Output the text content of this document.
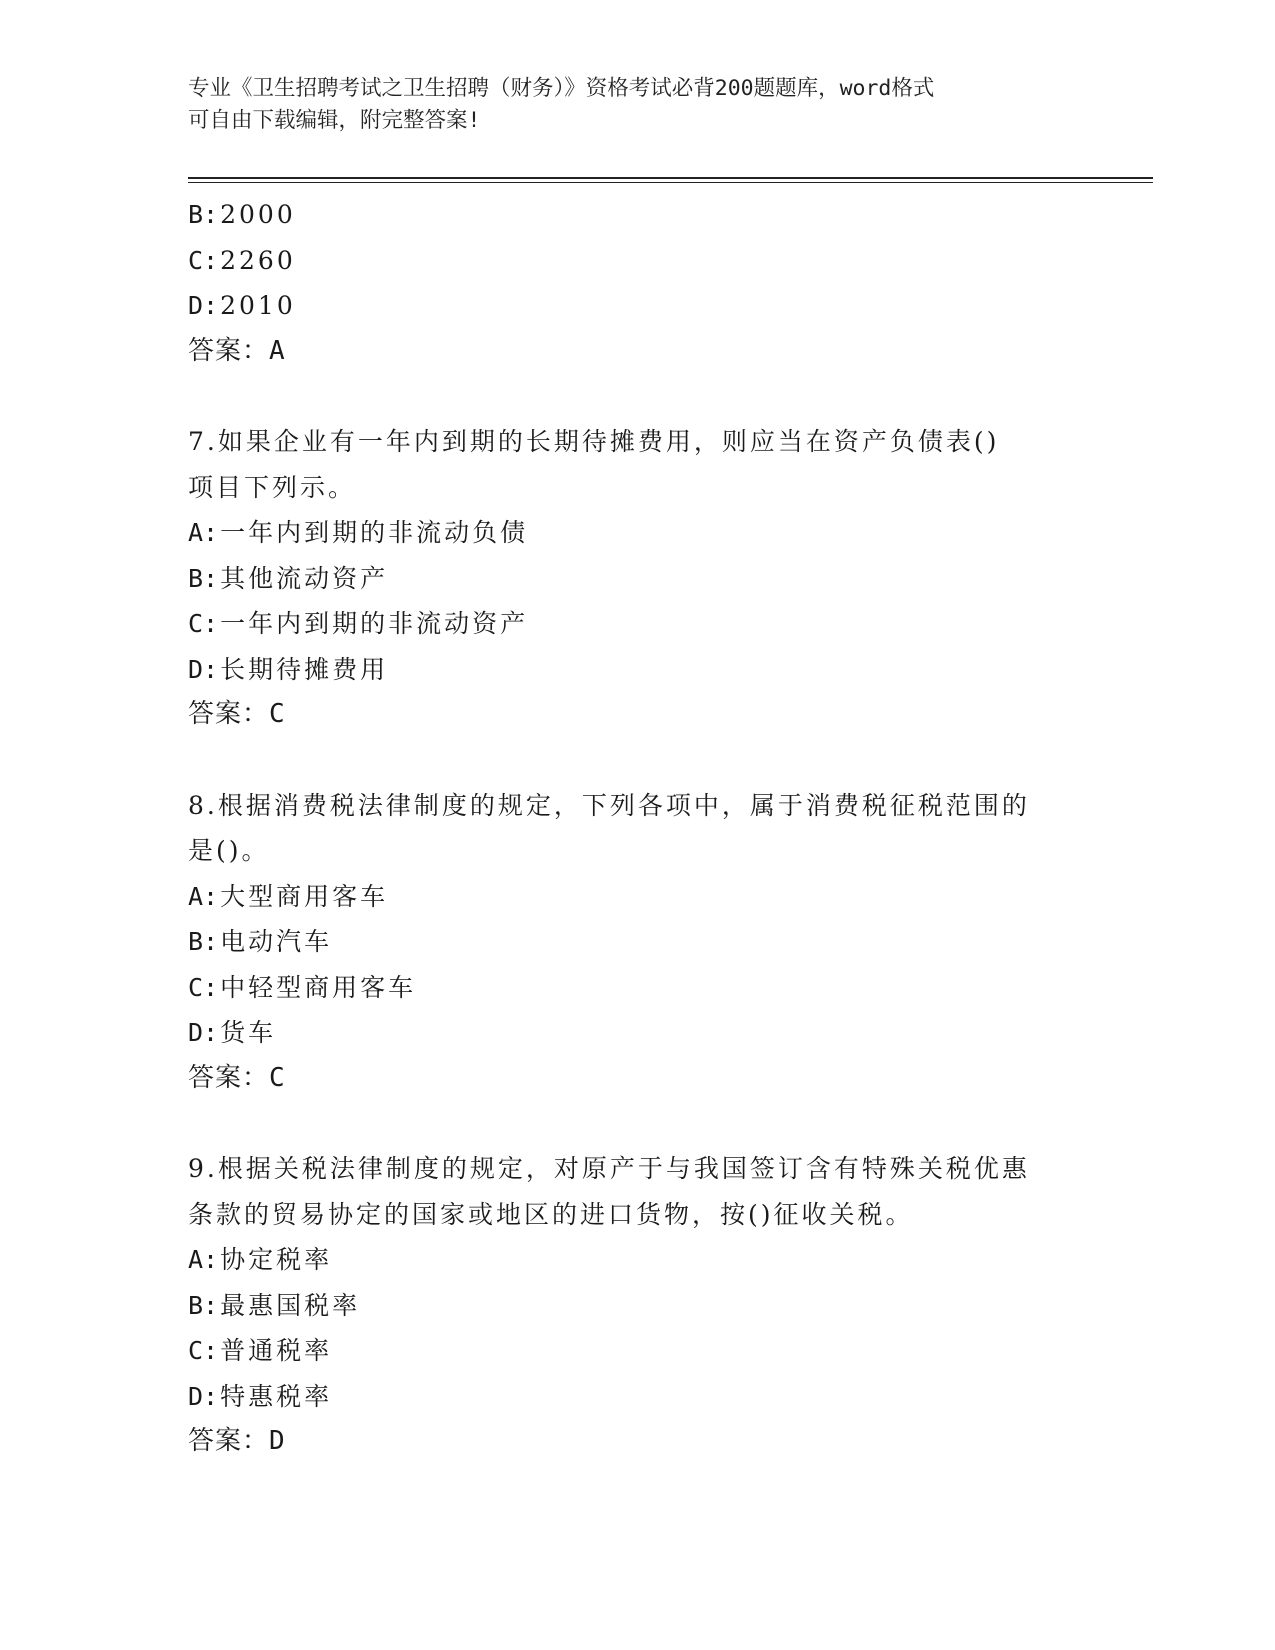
专业《卫生招聘考试之卫生招聘（财务）》资格考试必背200题题库，word格式
可自由下载编辑，附完整答案!
B:2000
C:2260
D:2010
答案：A
7.如果企业有一年内到期的长期待摊费用，则应当在资产负债表()
项目下列示。
A:一年内到期的非流动负债
B:其他流动资产
C:一年内到期的非流动资产
D:长期待摊费用
答案：C
8.根据消费税法律制度的规定，下列各项中，属于消费税征税范围的
是()。
A:大型商用客车
B:电动汽车
C:中轻型商用客车
D:货车
答案：C
9.根据关税法律制度的规定，对原产于与我国签订含有特殊关税优惠
条款的贸易协定的国家或地区的进口货物，按()征收关税。
A:协定税率
B:最惠国税率
C:普通税率
D:特惠税率
答案：D
